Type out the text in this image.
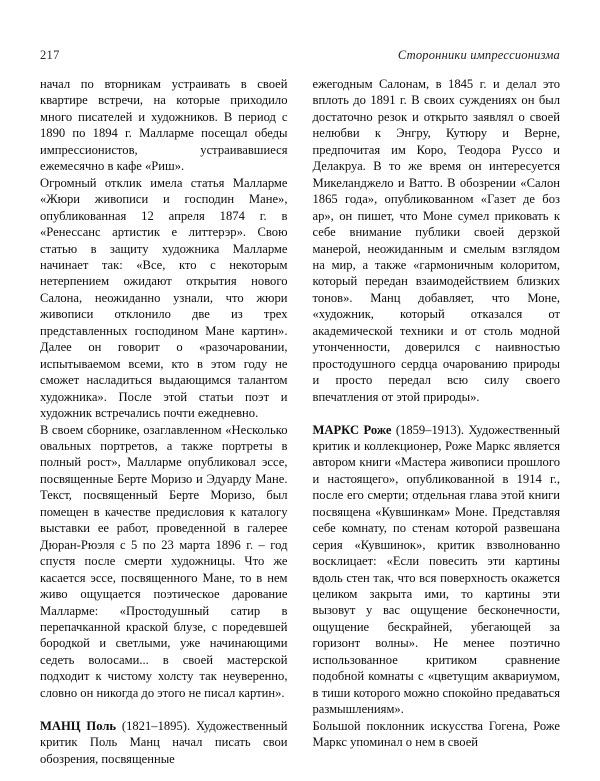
217	Сторонники импрессионизма

начал по вторникам устраивать в своей квартире встречи, на которые приходило много писателей и художников. В период с 1890 по 1894 г. Малларме посещал обеды импрессионистов, устраивавшиеся ежемесячно в кафе «Риш».

Огромный отклик имела статья Малларме «Жюри живописи и господин Мане», опубликованная 12 апреля 1874 г. в «Ренессанс артистик е литтерэр». Свою статью в защиту художника Малларме начинает так: «Все, кто с некоторым нетерпением ожидают открытия нового Салона, неожиданно узнали, что жюри живописи отклонило две из трех представленных господином Мане картин». Далее он говорит о «разочаровании, испытываемом всеми, кто в этом году не сможет насладиться выдающимся талантом художника». После этой статьи поэт и художник встречались почти ежедневно.

В своем сборнике, озаглавленном «Несколько овальных портретов, а также портреты в полный рост», Малларме опубликовал эссе, посвященные Берте Моризо и Эдуарду Мане. Текст, посвященный Берте Моризо, был помещен в качестве предисловия к каталогу выставки ее работ, проведенной в галерее Дюран-Рюэля с 5 по 23 марта 1896 г. – год спустя после смерти художницы. Что же касается эссе, посвященного Мане, то в нем живо ощущается поэтическое дарование Малларме: «Простодушный сатир в перепачканной краской блузе, с поредевшей бородкой и светлыми, уже начинающими седеть волосами... в своей мастерской подходит к чистому холсту так неуверенно, словно он никогда до этого не писал картин».

МАНЦ Поль (1821–1895). Художественный критик Поль Манц начал писать свои обозрения, посвященные

ежегодным Салонам, в 1845 г. и делал это вплоть до 1891 г. В своих суждениях он был достаточно резок и открыто заявлял о своей нелюбви к Энгру, Кутюру и Верне, предпочитая им Коро, Теодора Руссо и Делакруа. В то же время он интересуется Микеланджело и Ватто. В обозрении «Салон 1865 года», опубликованном «Газет де боз ар», он пишет, что Моне сумел приковать к себе внимание публики своей дерзкой манерой, неожиданным и смелым взглядом на мир, а также «гармоничным колоритом, который передан взаимодействием близких тонов». Манц добавляет, что Моне, «художник, который отказался от академической техники и от столь модной утонченности, доверился с наивностью простодушного сердца очарованию природы и просто передал всю силу своего впечатления от этой природы».

МАРКС Роже (1859–1913). Художественный критик и коллекционер, Роже Маркс является автором книги «Мастера живописи прошлого и настоящего», опубликованной в 1914 г., после его смерти; отдельная глава этой книги посвящена «Кувшинкам» Моне. Представляя себе комнату, по стенам которой развешана серия «Кувшинок», критик взволнованно восклицает: «Если повесить эти картины вдоль стен так, что вся поверхность окажется целиком закрыта ими, то картины эти вызовут у вас ощущение бесконечности, ощущение бескрайней, убегающей за горизонт волны». Не менее поэтично использованное критиком сравнение подобной комнаты с «цветущим аквариумом, в тиши которого можно спокойно предаваться размышлениям».

Большой поклонник искусства Гогена, Роже Маркс упоминал о нем в своей
